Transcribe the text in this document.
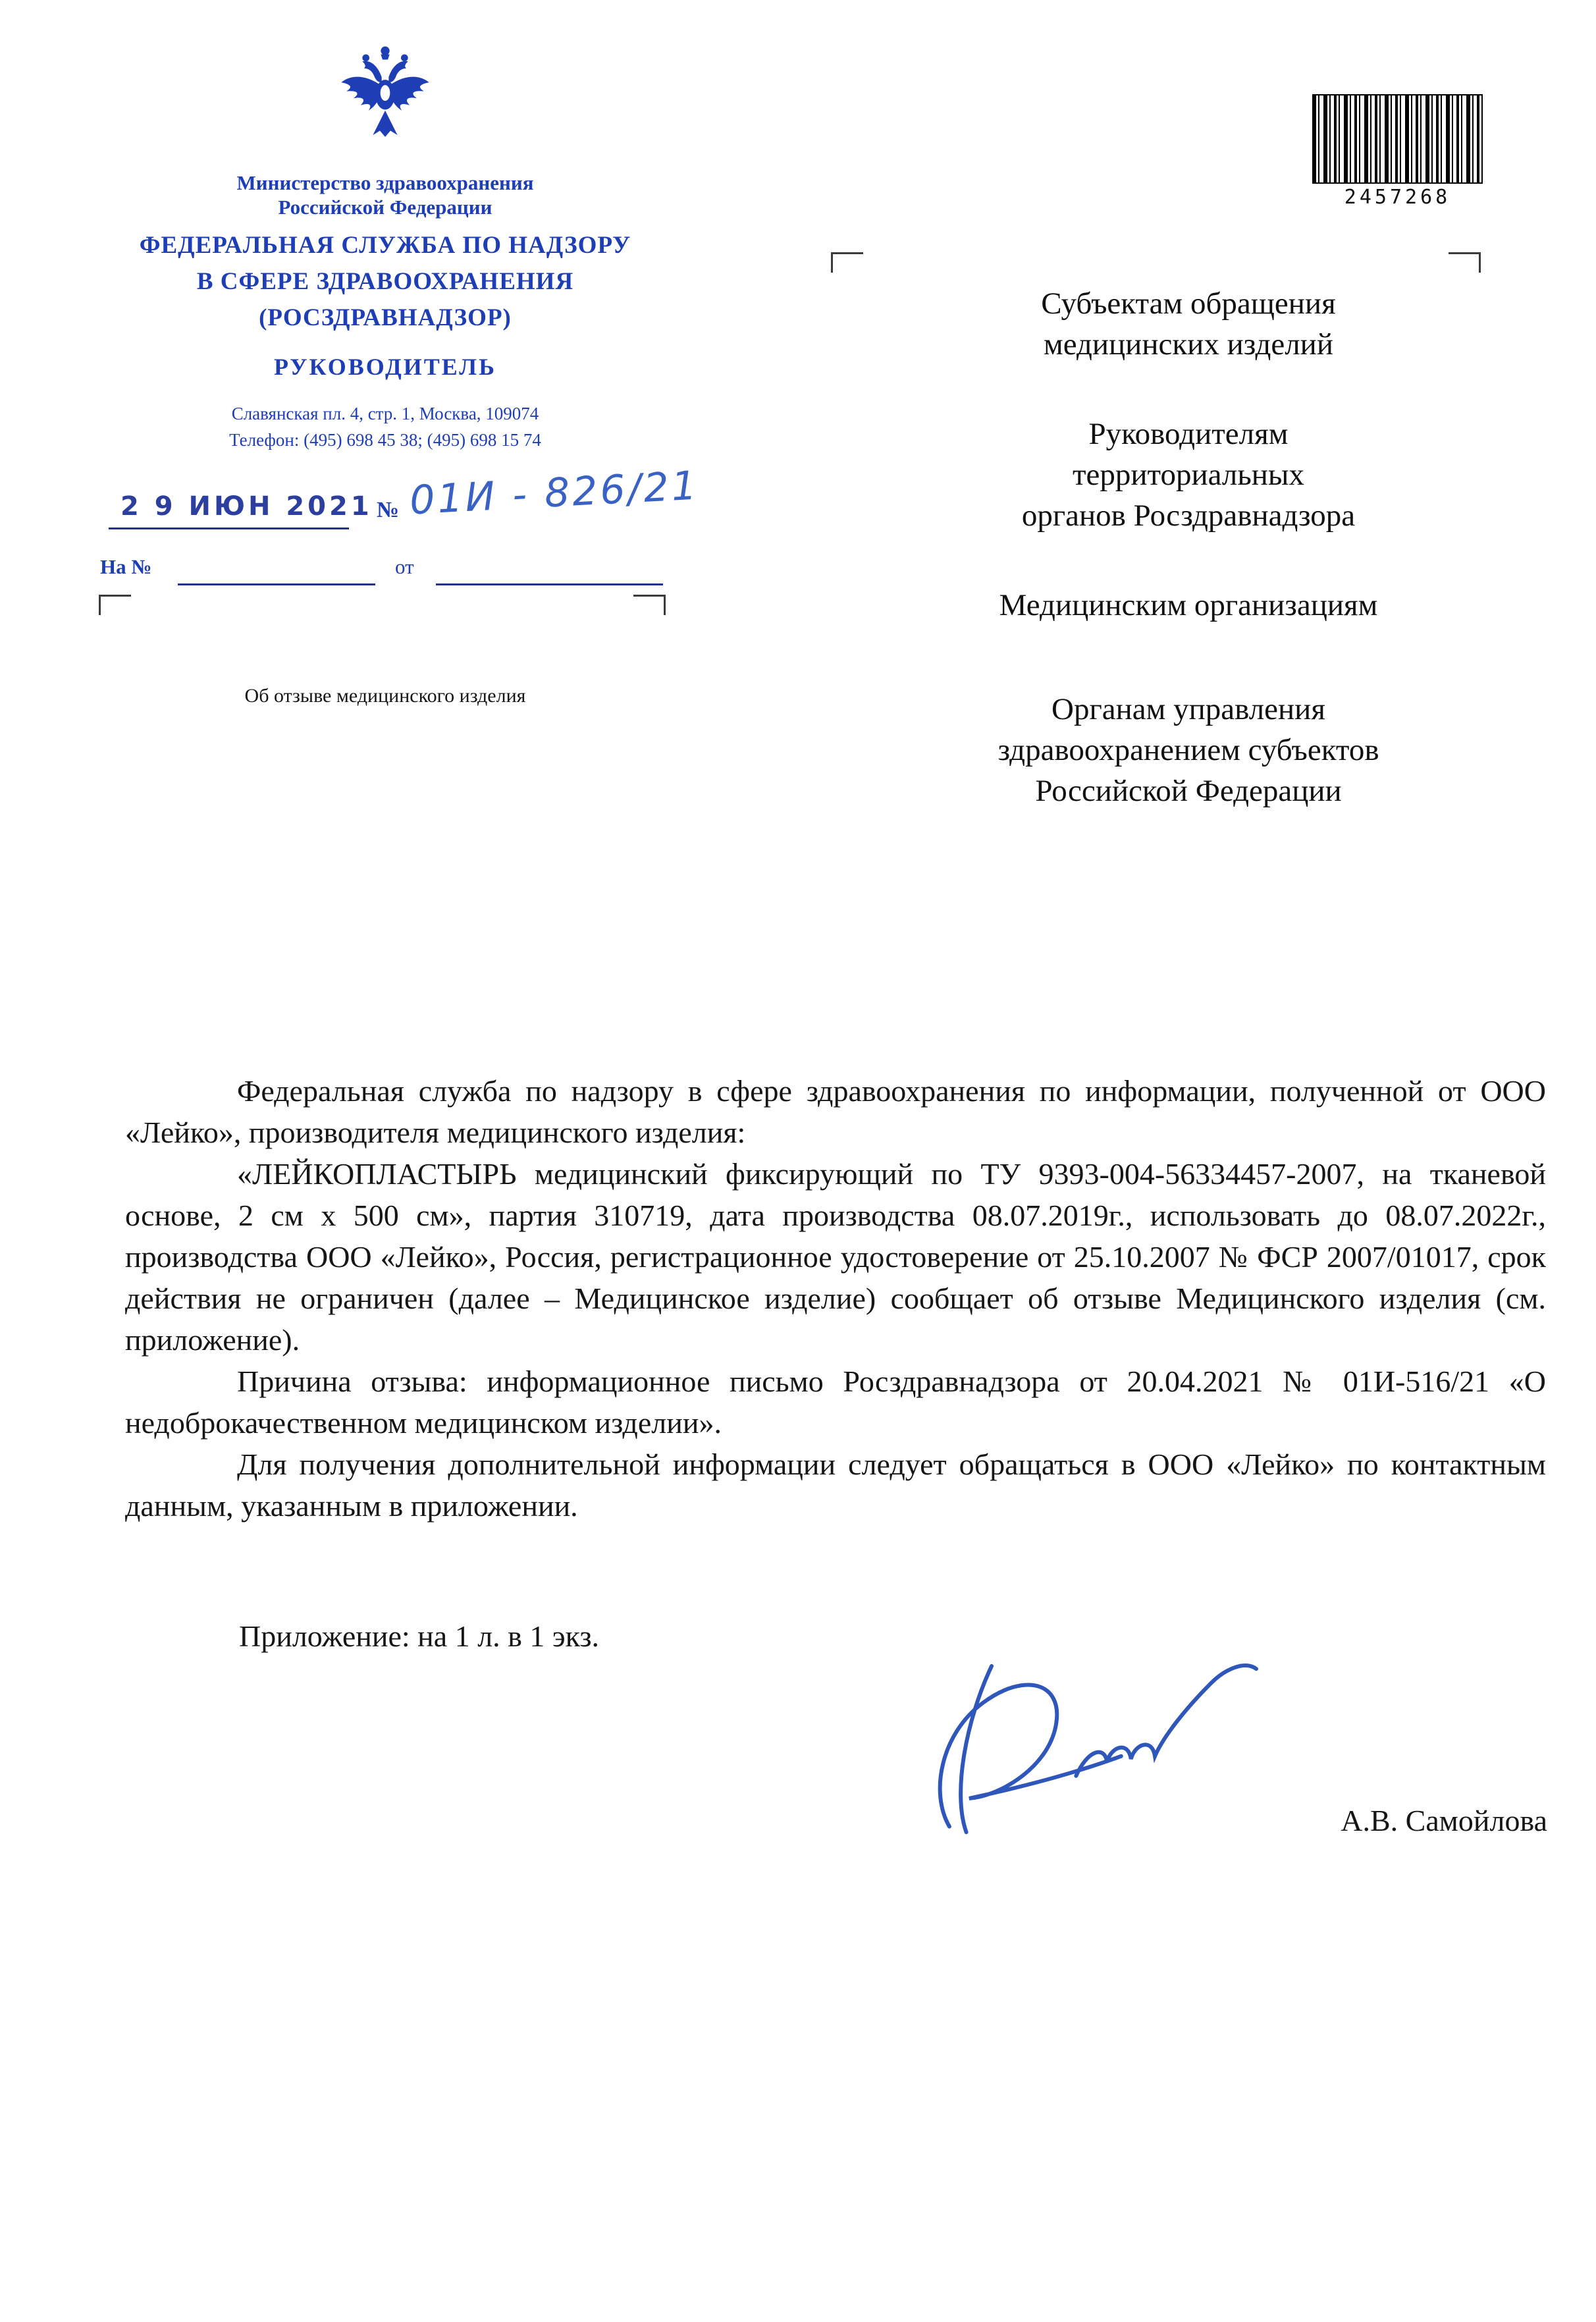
Министерство здравоохранения
Российской Федерации
ФЕДЕРАЛЬНАЯ СЛУЖБА ПО НАДЗОРУ
В СФЕРЕ ЗДРАВООХРАНЕНИЯ
(РОСЗДРАВНАДЗОР)
РУКОВОДИТЕЛЬ
Славянская пл. 4, стр. 1, Москва, 109074
Телефон: (495) 698 45 38; (495) 698 15 74
2 9 ИЮН 2021 № 01И - 826/21
На №	от
Об отзыве медицинского изделия
2457268
Субъектам обращения
медицинских изделий
Руководителям
территориальных
органов Росздравнадзора
Медицинским организациям
Органам управления
здравоохранением субъектов
Российской Федерации

Федеральная служба по надзору в сфере здравоохранения по информации, полученной от ООО «Лейко», производителя медицинского изделия:

«ЛЕЙКОПЛАСТЫРЬ медицинский фиксирующий по ТУ 9393-004-56334457-2007, на тканевой основе, 2 см х 500 см», партия 310719, дата производства 08.07.2019г., использовать до 08.07.2022г., производства ООО «Лейко», Россия, регистрационное удостоверение от 25.10.2007 № ФСР 2007/01017, срок действия не ограничен (далее – Медицинское изделие) сообщает об отзыве Медицинского изделия (см. приложение).

Причина отзыва: информационное письмо Росздравнадзора от 20.04.2021 № 01И-516/21 «О недоброкачественном медицинском изделии».

Для получения дополнительной информации следует обращаться в ООО «Лейко» по контактным данным, указанным в приложении.

Приложение: на 1 л. в 1 экз.
А.В. Самойлова
